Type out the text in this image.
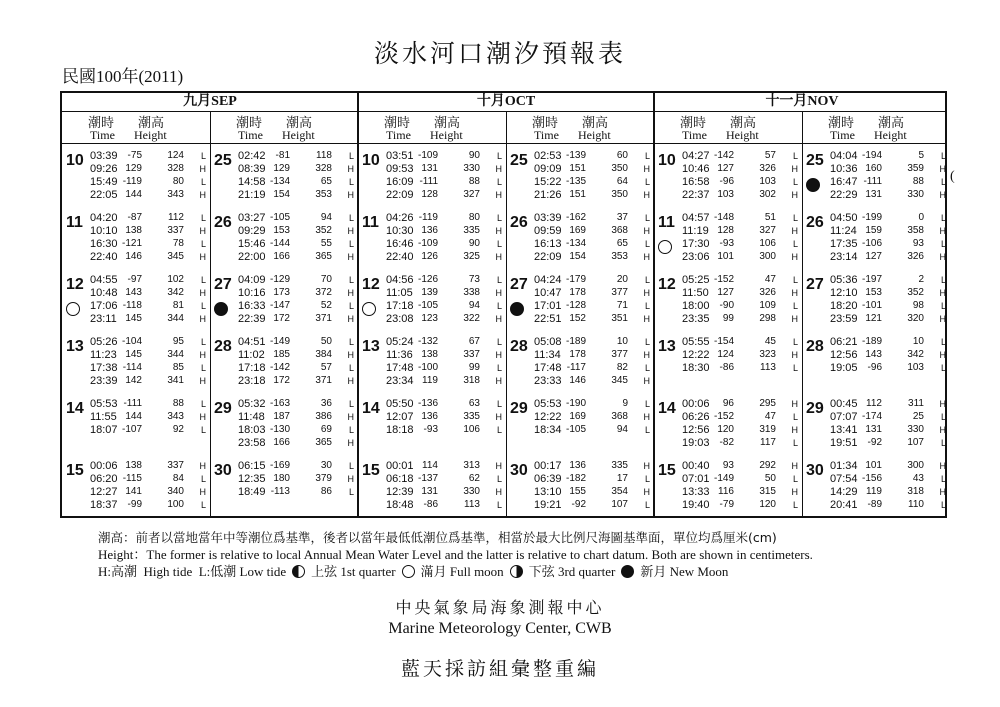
淡水河口潮汐預報表
民國100年(2011)
九月SEP	十月OCT	十一月NOV
潮時 潮高
Time Height
10 03:39 -75	124 L
09:26 129	328 H
15:49 -119	80 L
22:05 144	343 H
11 04:20 -87	112 L
10:10 138	337 H
16:30 -121	78 L
22:40 146	345 H
12 04:55 -97	102 L
10:48 143	342 H
17:06 -118	81 L
23:11 145	344 H
13 05:26 -104	95 L
11:23 145	344 H
17:38 -114	85 L
23:39 142	341 H
14 05:53 -111	88 L
11:55 144	343 H
18:07 -107	92 L
15 00:06 138	337 H
06:20 -115	84 L
12:27 141	340 H
18:37 -99	100 L
潮時 潮高
Time Height
25 02:42 -81	118 L
08:39 129	328 H
14:58 -134	65 L
21:19 154	353 H
26 03:27 -105	94 L
09:29 153	352 H
15:46 -144	55 L
22:00 166	365 H
27 04:09 -129	70 L
10:16 173	372 H
16:33 -147	52 L
22:39 172	371 H
28 04:51 -149	50 L
11:02 185	384 H
17:18 -142	57 L
23:18 172	371 H
29 05:32 -163	36 L
11:48 187	386 H
18:03 -130	69 L
23:58 166	365 H
30 06:15 -169	30 L
12:35 180	379 H
18:49 -113	86 L
潮時 潮高
Time Height
10 03:51 -109	90 L
09:53 131	330 H
16:09 -111	88 L
22:09 128	327 H
11 04:26 -119	80 L
10:30 136	335 H
16:46 -109	90 L
22:40 126	325 H
12 04:56 -126	73 L
11:05 139	338 H
17:18 -105	94 L
23:08 123	322 H
13 05:24 -132	67 L
11:36 138	337 H
17:48 -100	99 L
23:34 119	318 H
14 05:50 -136	63 L
12:07 136	335 H
18:18 -93	106 L
15 00:01 114	313 H
06:18 -137	62 L
12:39 131	330 H
18:48 -86	113 L
潮時 潮高
Time Height
25 02:53 -139	60 L
09:09 151	350 H
15:22 -135	64 L
21:26 151	350 H
26 03:39 -162	37 L
09:59 169	368 H
16:13 -134	65 L
22:09 154	353 H
27 04:24 -179	20 L
10:47 178	377 H
17:01 -128	71 L
22:51 152	351 H
28 05:08 -189	10 L
11:34 178	377 H
17:48 -117	82 L
23:33 146	345 H
29 05:53 -190	9 L
12:22 169	368 H
18:34 -105	94 L
30 00:17 136	335 H
06:39 -182	17 L
13:10 155	354 H
19:21 -92	107 L
潮時 潮高
Time Height
10 04:27 -142	57 L
10:46 127	326 H
16:58 -96	103 L
22:37 103	302 H
11 04:57 -148	51 L
11:19 128	327 H
17:30 -93	106 L
23:06 101	300 H
12 05:25 -152	47 L
11:50 127	326 H
18:00 -90	109 L
23:35 99	298 H
13 05:55 -154	45 L
12:22 124	323 H
18:30 -86	113 L
14 00:06 96	295 H
06:26 -152	47 L
12:56 120	319 H
19:03 -82	117 L
15 00:40 93	292 H
07:01 -149	50 L
13:33 116	315 H
19:40 -79	120 L
潮時 潮高
Time Height
25 04:04 -194	5 L
10:36 160	359 H
16:47 -111	88 L
22:29 131	330 H
26 04:50 -199	0 L
11:24 159	358 H
17:35 -106	93 L
23:14 127	326 H
27 05:36 -197	2 L
12:10 153	352 H
18:20 -101	98 L
23:59 121	320 H
28 06:21 -189	10 L
12:56 143	342 H
19:05 -96	103 L
29 00:45 112	311 H
07:07 -174	25 L
13:41 131	330 H
19:51 -92	107 L
30 01:34 101	300 H
07:54 -156	43 L
14:29 119	318 H
20:41 -89	110 L
(
潮高：前者以當地當年中等潮位爲基準，後者以當年最低低潮位爲基準，相當於最大比例尺海圖基準面，單位均爲厘米(cm)
Height：The former is relative to local Annual Mean Water Level and the latter is relative to chart datum. Both are shown in centimeters.
H:高潮  High tide  L:低潮 Low tide 上弦 1st quarter 滿月 Full moon 下弦 3rd quarter 新月 New Moon
中央氣象局海象測報中心
Marine Meteorology Center, CWB
藍天採訪組彙整重編
